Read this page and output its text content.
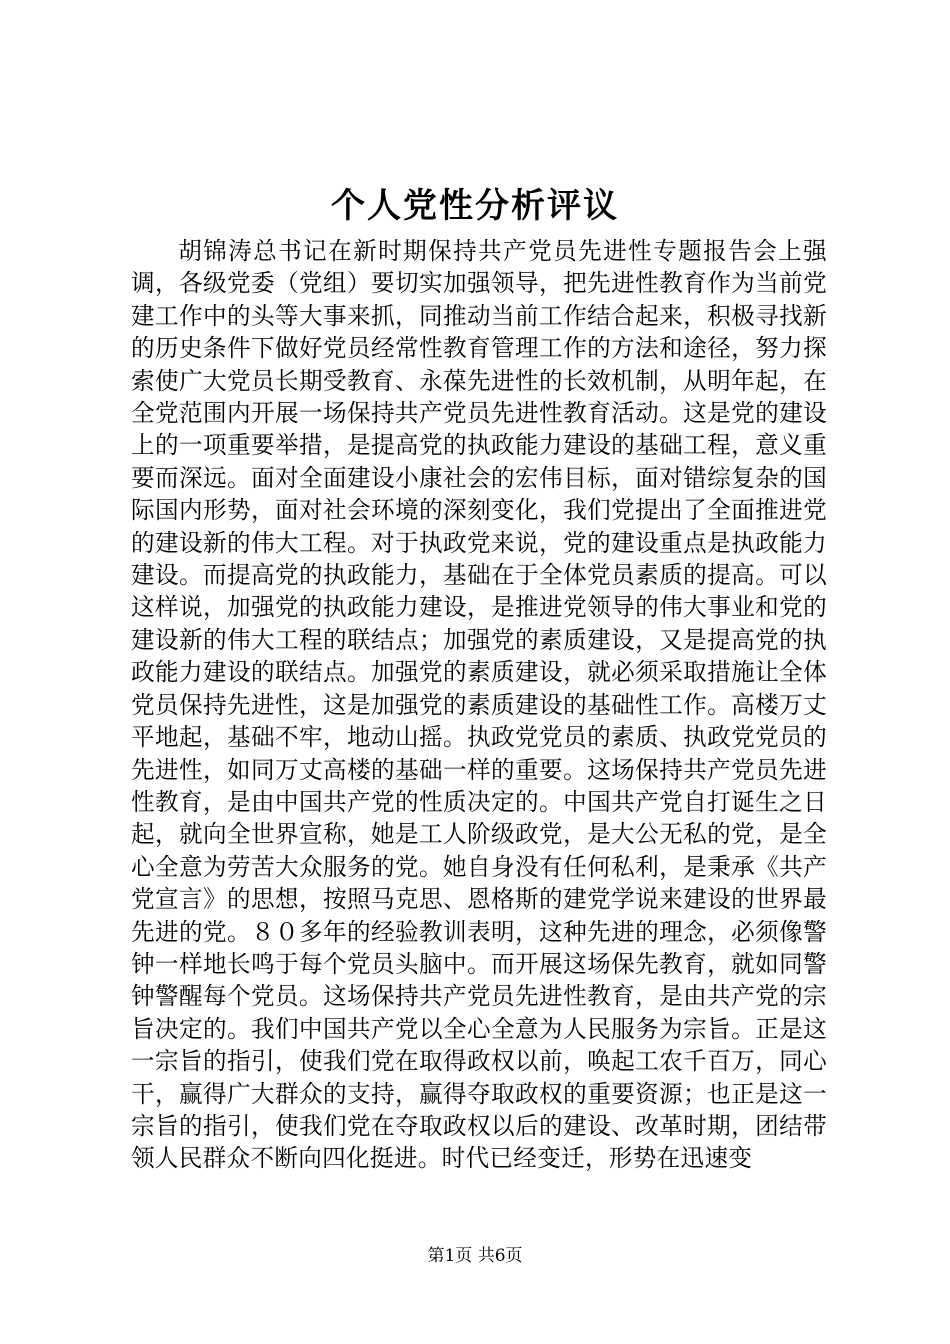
个人党性分析评议

胡锦涛总书记在新时期保持共产党员先进性专题报告会上强调，各级党委（党组）要切实加强领导，把先进性教育作为当前党建工作中的头等大事来抓，同推动当前工作结合起来，积极寻找新的历史条件下做好党员经常性教育管理工作的方法和途径，努力探索使广大党员长期受教育、永葆先进性的长效机制，从明年起，在全党范围内开展一场保持共产党员先进性教育活动。这是党的建设上的一项重要举措，是提高党的执政能力建设的基础工程，意义重要而深远。面对全面建设小康社会的宏伟目标，面对错综复杂的国际国内形势，面对社会环境的深刻变化，我们党提出了全面推进党的建设新的伟大工程。对于执政党来说，党的建设重点是执政能力建设。而提高党的执政能力，基础在于全体党员素质的提高。可以这样说，加强党的执政能力建设，是推进党领导的伟大事业和党的建设新的伟大工程的联结点；加强党的素质建设，又是提高党的执政能力建设的联结点。加强党的素质建设，就必须采取措施让全体党员保持先进性，这是加强党的素质建设的基础性工作。高楼万丈平地起，基础不牢，地动山摇。执政党党员的素质、执政党党员的先进性，如同万丈高楼的基础一样的重要。这场保持共产党员先进性教育，是由中国共产党的性质决定的。中国共产党自打诞生之日起，就向全世界宣称，她是工人阶级政党，是大公无私的党，是全心全意为劳苦大众服务的党。她自身没有任何私利，是秉承《共产党宣言》的思想，按照马克思、恩格斯的建党学说来建设的世界最先进的党。８０多年的经验教训表明，这种先进的理念，必须像警钟一样地长鸣于每个党员头脑中。而开展这场保先教育，就如同警钟警醒每个党员。这场保持共产党员先进性教育，是由共产党的宗旨决定的。我们中国共产党以全心全意为人民服务为宗旨。正是这一宗旨的指引，使我们党在取得政权以前，唤起工农千百万，同心干，赢得广大群众的支持，赢得夺取政权的重要资源；也正是这一宗旨的指引，使我们党在夺取政权以后的建设、改革时期，团结带领人民群众不断向四化挺进。时代已经变迁，形势在迅速变

第1页 共6页
